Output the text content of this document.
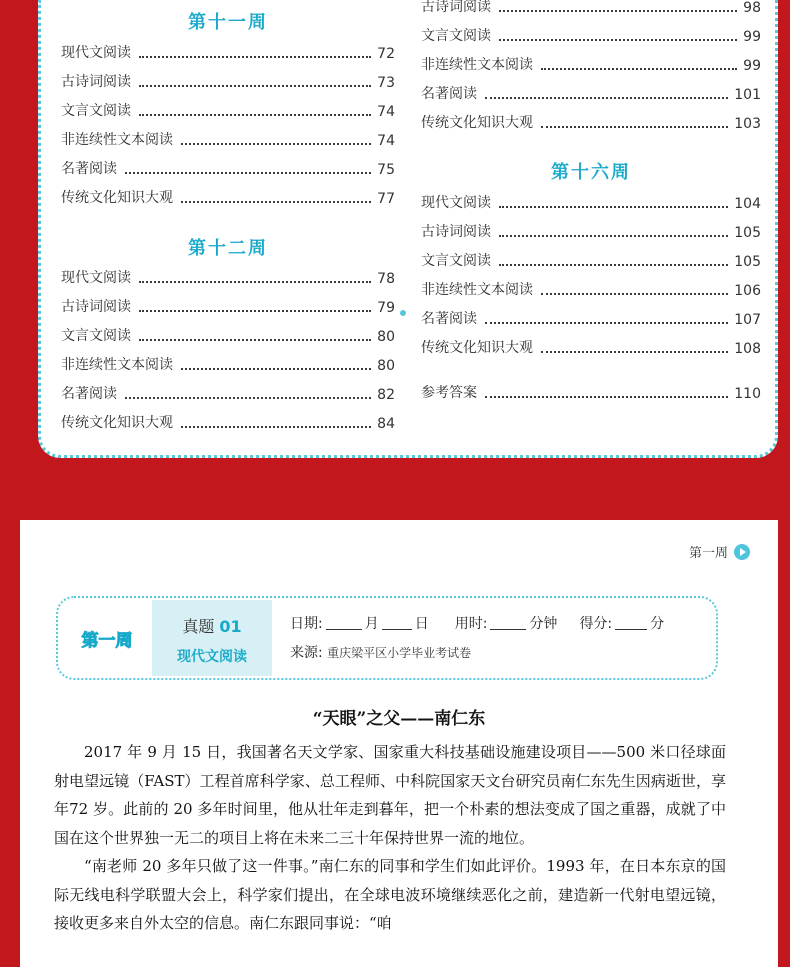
第十一周
现代文阅读	72
古诗词阅读	73
文言文阅读	74
非连续性文本阅读	74
名著阅读	75
传统文化知识大观	77
第十二周
现代文阅读	78
古诗词阅读	79
文言文阅读	80
非连续性文本阅读	80
名著阅读	82
传统文化知识大观	84
古诗词阅读	98
文言文阅读	99
非连续性文本阅读	99
名著阅读	101
传统文化知识大观	103
第十六周
现代文阅读	104
古诗词阅读	105
文言文阅读	105
非连续性文本阅读	106
名著阅读	107
传统文化知识大观	108
参考答案	110
第一周
第一周
真题 01
现代文阅读
日期:	月	日 用时:	分钟 得分:	分
来源: 重庆梁平区小学毕业考试卷
“天眼”之父——南仁东

2017 年 9 月 15 日，我国著名天文学家、国家重大科技基础设施建设项目——500 米口径球面射电望远镜（FAST）工程首席科学家、总工程师、中科院国家天文台研究员南仁东先生因病逝世，享年72 岁。此前的 20 多年时间里，他从壮年走到暮年，把一个朴素的想法变成了国之重器，成就了中国在这个世界独一无二的项目上将在未来二三十年保持世界一流的地位。

“南老师 20 多年只做了这一件事。”南仁东的同事和学生们如此评价。1993 年，在日本东京的国际无线电科学联盟大会上，科学家们提出，在全球电波环境继续恶化之前，建造新一代射电望远镜，接收更多来自外太空的信息。南仁东跟同事说：“咱
